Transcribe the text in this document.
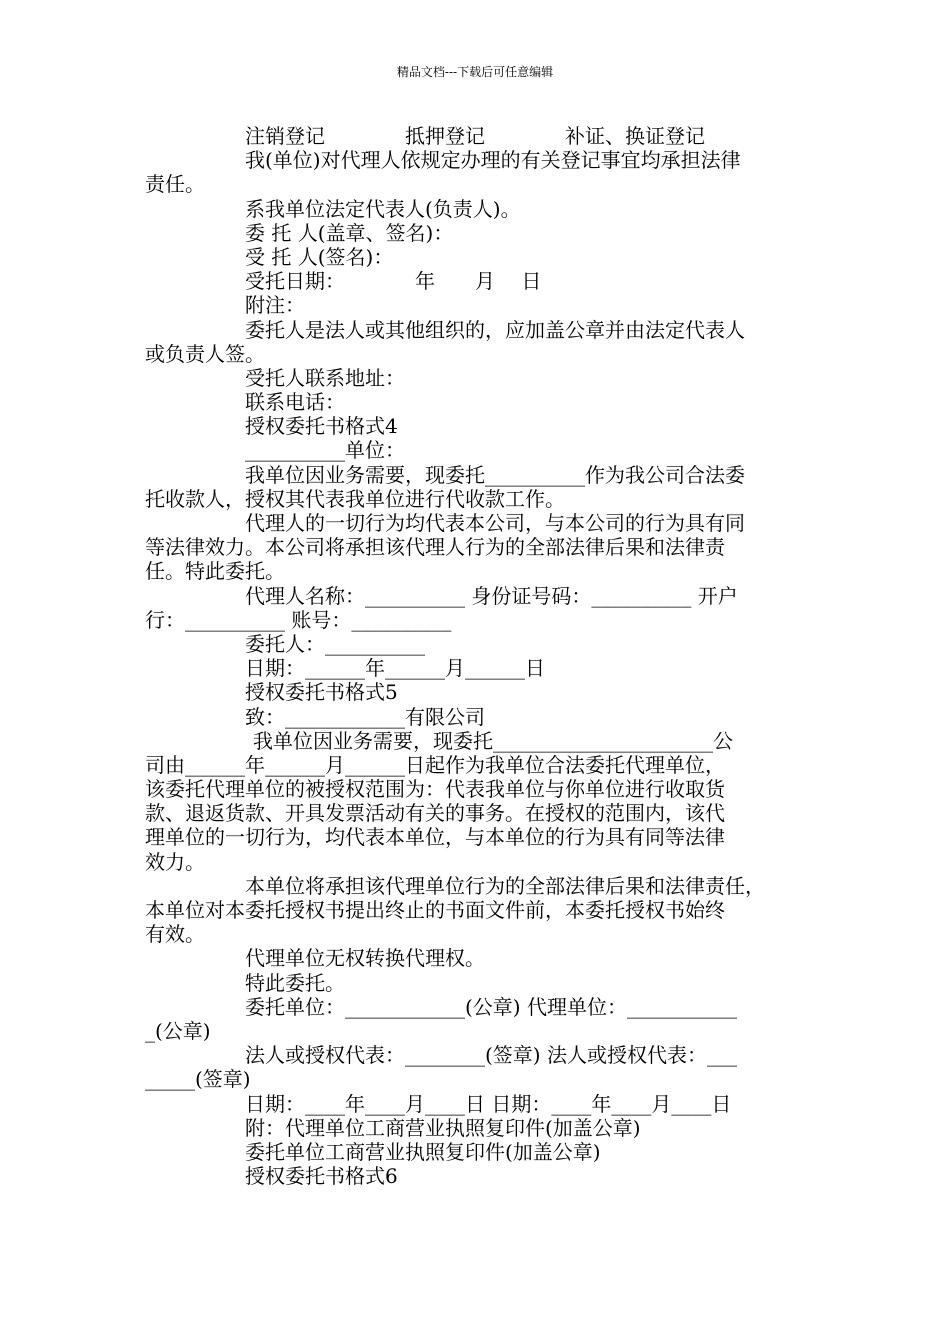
精品文档---下载后可任意编辑
注销登记　　　　抵押登记　　　　补证、换证登记
我(单位)对代理人依规定办理的有关登记事宜均承担法律
责任。
系我单位法定代表人(负责人)。
委 托 人(盖章、签名)：
受 托 人(签名)：
受托日期：　　　　年　　月　 日
附注：
委托人是法人或其他组织的，应加盖公章并由法定代表人
或负责人签。
受托人联系地址：
联系电话：
授权委托书格式4
__________单位：
我单位因业务需要，现委托__________作为我公司合法委
托收款人，授权其代表我单位进行代收款工作。
代理人的一切行为均代表本公司，与本公司的行为具有同
等法律效力。本公司将承担该代理人行为的全部法律后果和法律责
任。特此委托。
代理人名称：__________ 身份证号码：__________ 开户
行：__________ 账号：__________
委托人：__________
日期：______年______月______日
授权委托书格式5
致：____________有限公司
我单位因业务需要，现委托______________________公
司由______年______月______日起作为我单位合法委托代理单位，
该委托代理单位的被授权范围为：代表我单位与你单位进行收取货
款、退返货款、开具发票活动有关的事务。在授权的范围内，该代
理单位的一切行为，均代表本单位，与本单位的行为具有同等法律
效力。
本单位将承担该代理单位行为的全部法律后果和法律责任，
本单位对本委托授权书提出终止的书面文件前，本委托授权书始终
有效。
代理单位无权转换代理权。
特此委托。
委托单位：____________(公章) 代理单位：___________
_(公章)
法人或授权代表：________(签章) 法人或授权代表：___
_____(签章)
日期：____年____月____日 日期：____年____月____日
附：代理单位工商营业执照复印件(加盖公章)
委托单位工商营业执照复印件(加盖公章)
授权委托书格式6
